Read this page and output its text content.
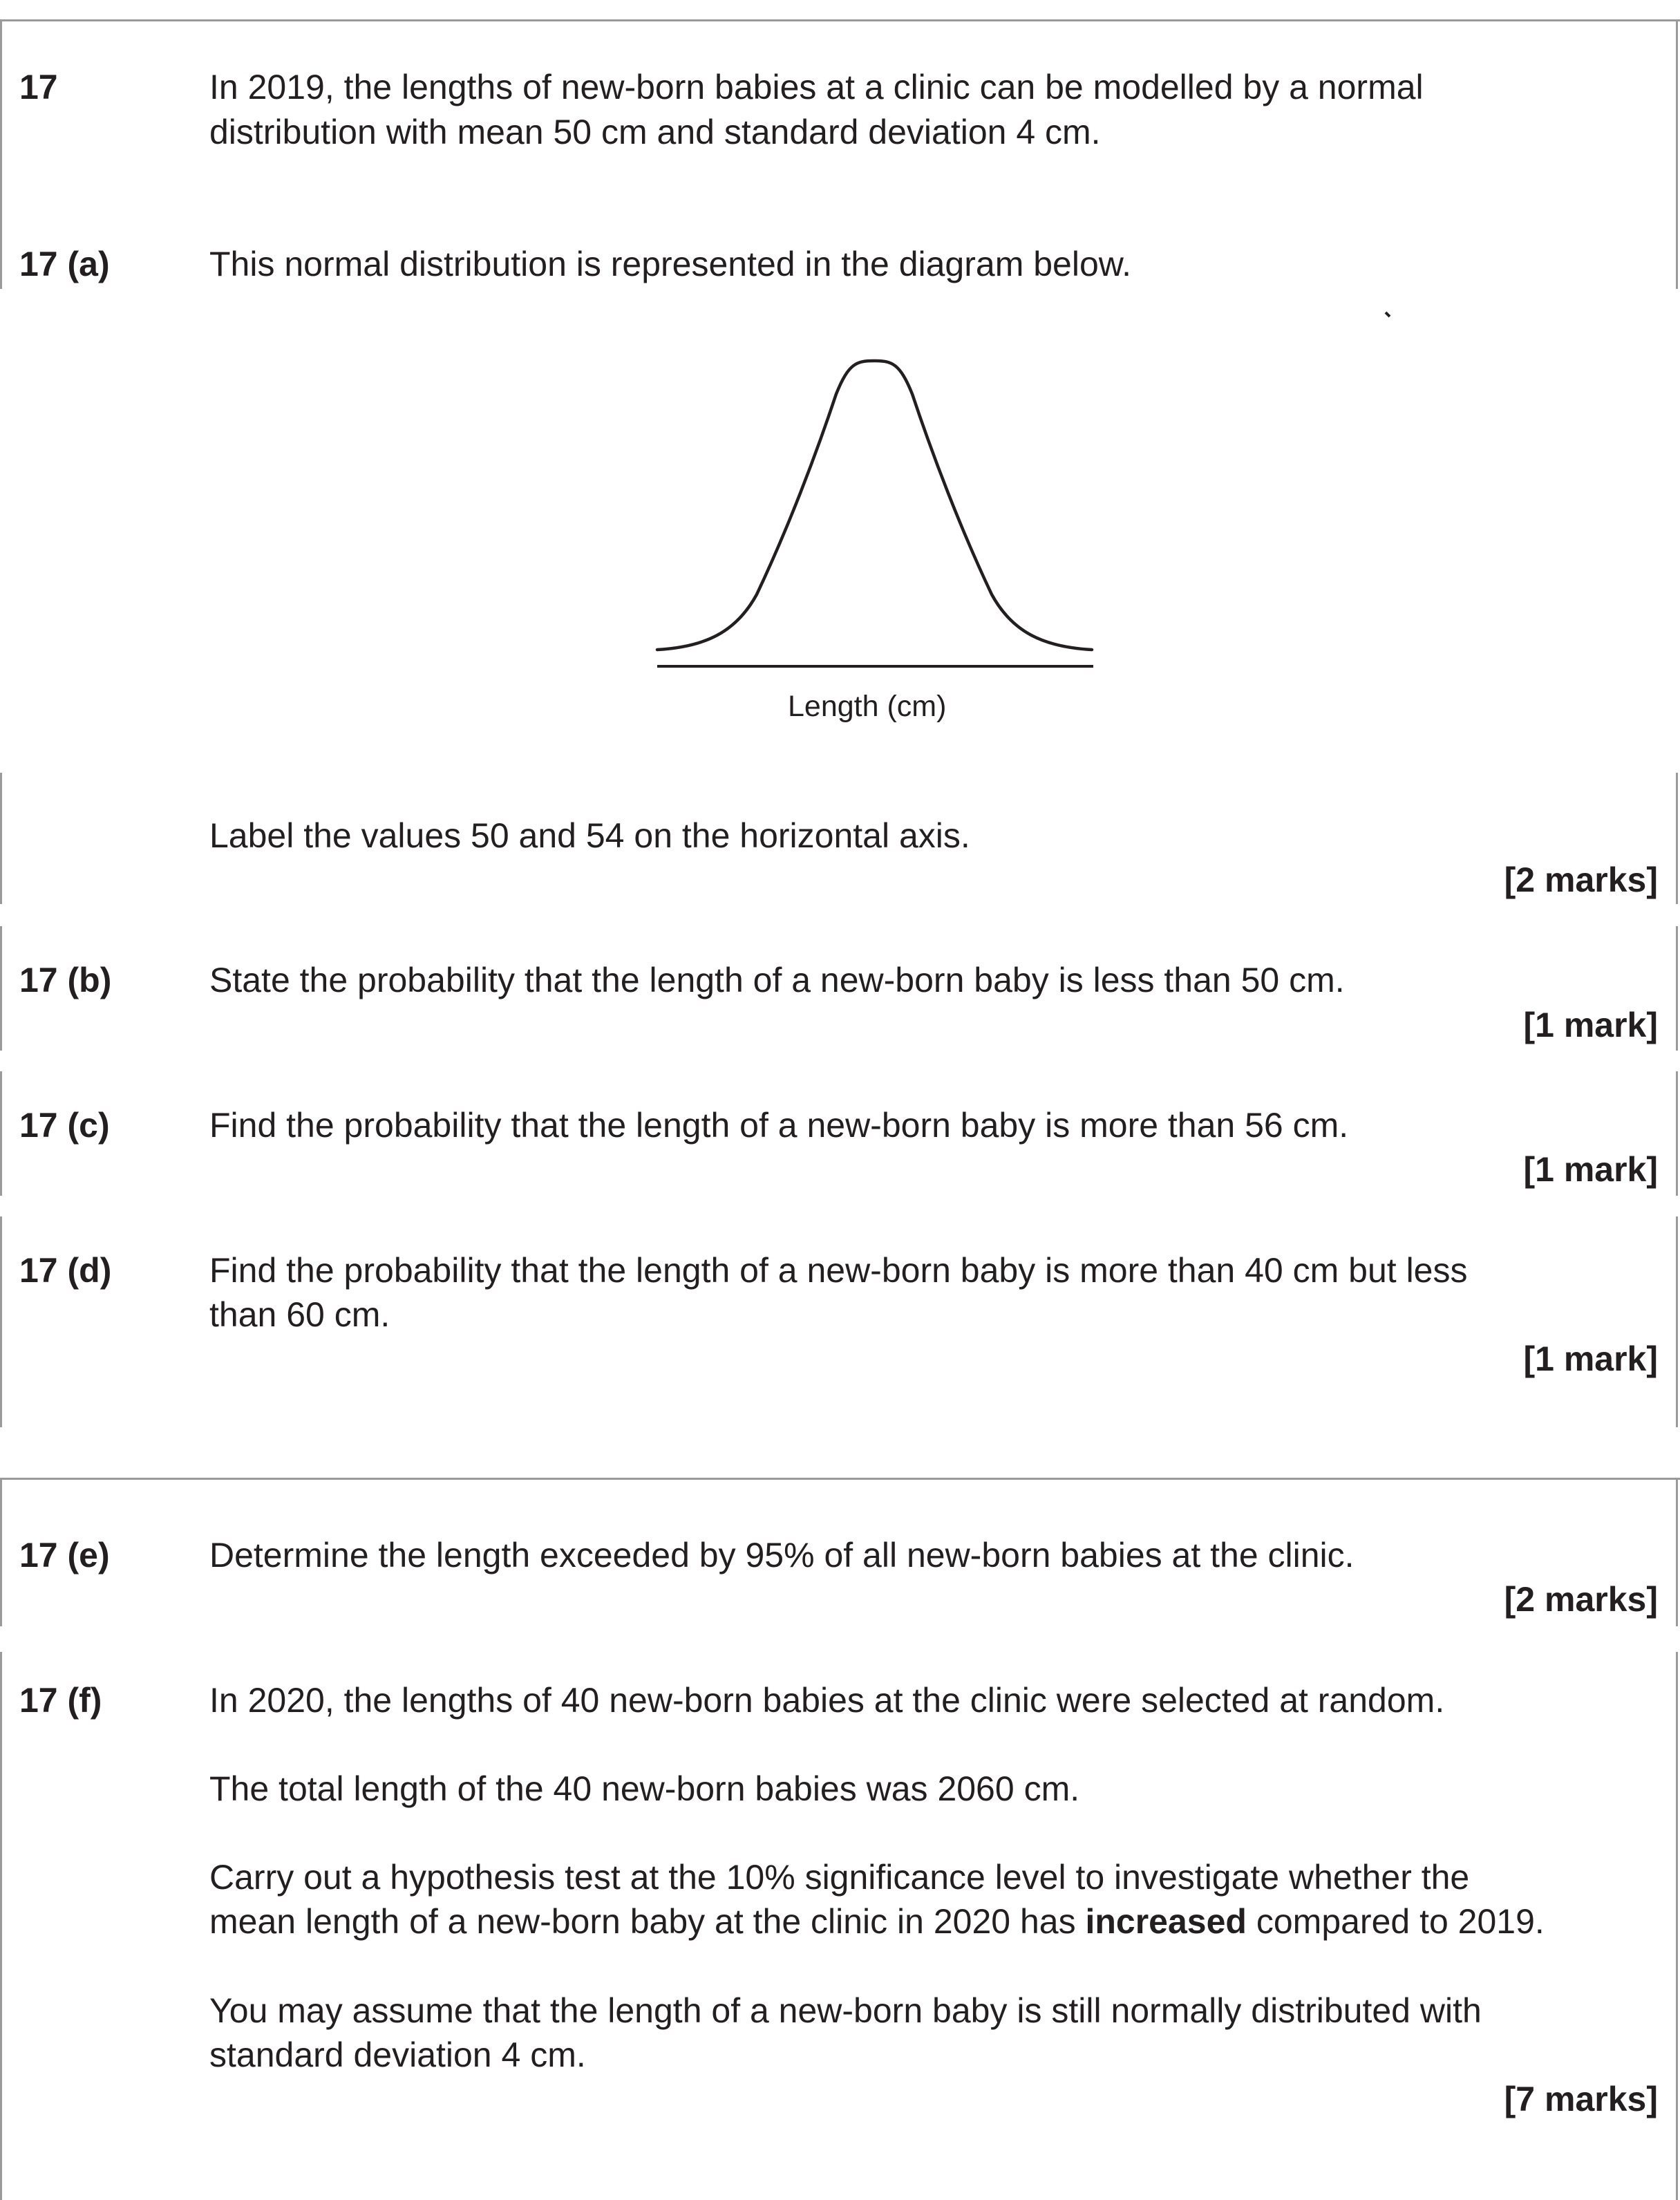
17	In 2019, the lengths of new-born babies at a clinic can be modelled by a normal
distribution with mean 50 cm and standard deviation 4 cm.
17 (a)	This normal distribution is represented in the diagram below.
Length (cm)
Label the values 50 and 54 on the horizontal axis.
[2 marks]
17 (b)	State the probability that the length of a new-born baby is less than 50 cm.
[1 mark]
17 (c)	Find the probability that the length of a new-born baby is more than 56 cm.
[1 mark]
17 (d)	Find the probability that the length of a new-born baby is more than 40 cm but less
than 60 cm.
[1 mark]
17 (e)	Determine the length exceeded by 95% of all new-born babies at the clinic.
[2 marks]
17 (f)	In 2020, the lengths of 40 new-born babies at the clinic were selected at random.
The total length of the 40 new-born babies was 2060 cm.
Carry out a hypothesis test at the 10% significance level to investigate whether the
mean length of a new-born baby at the clinic in 2020 has increased compared to 2019.
You may assume that the length of a new-born baby is still normally distributed with
standard deviation 4 cm.
[7 marks]
